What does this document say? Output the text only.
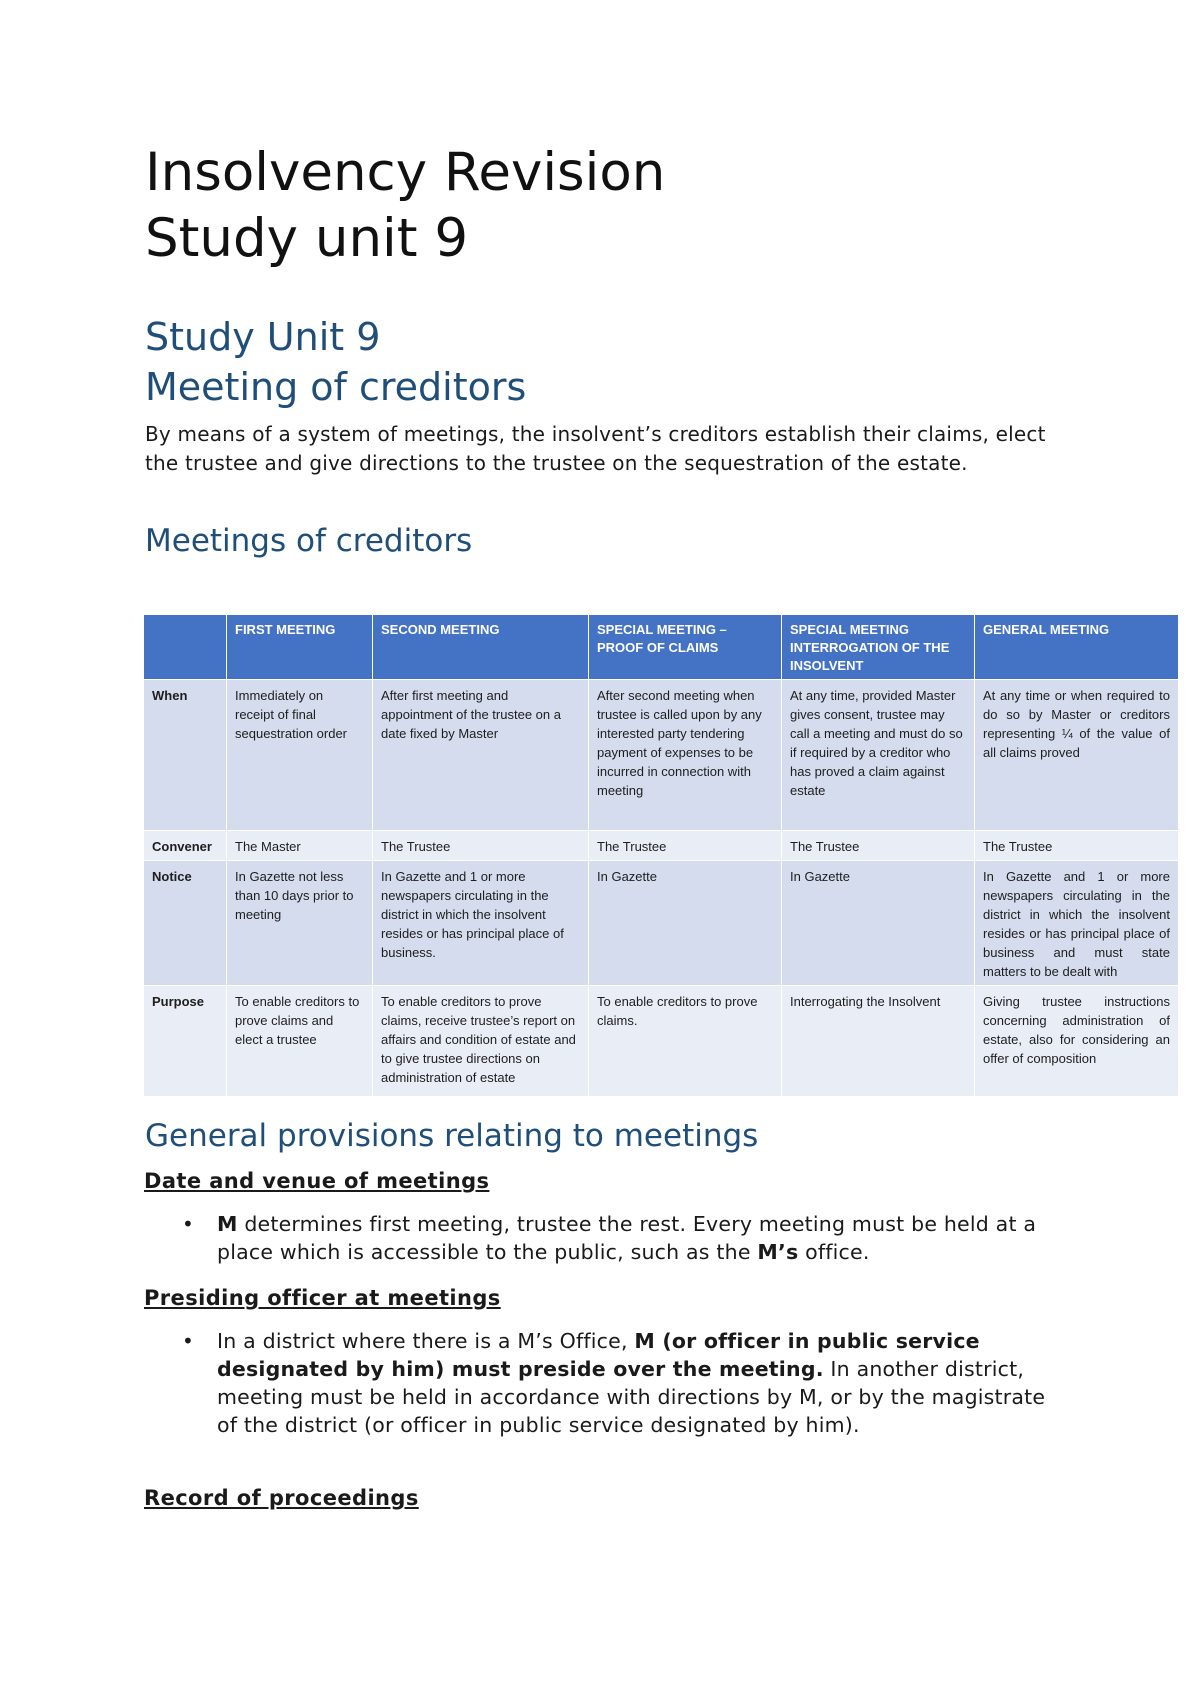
Insolvency Revision
Study unit 9
Study Unit 9
Meeting of creditors

By means of a system of meetings, the insolvent’s creditors establish their claims, elect the trustee and give directions to the trustee on the sequestration of the estate.

Meetings of creditors
	FIRST MEETING	SECOND MEETING	SPECIAL MEETING – PROOF OF CLAIMS	SPECIAL MEETING INTERROGATION OF THE INSOLVENT	GENERAL MEETING
When	Immediately on receipt of final sequestration order	After first meeting and appointment of the trustee on a date fixed by Master	After second meeting when trustee is called upon by any interested party tendering payment of expenses to be incurred in connection with meeting	At any time, provided Master gives consent, trustee may call a meeting and must do so if required by a creditor who has proved a claim against estate	At any time or when required to do so by Master or creditors representing ¼ of the value of all claims proved
Convener	The Master	The Trustee	The Trustee	The Trustee	The Trustee
Notice	In Gazette not less than 10 days prior to meeting	In Gazette and 1 or more newspapers circulating in the district in which the insolvent resides or has principal place of business.	In Gazette	In Gazette	In Gazette and 1 or more newspapers circulating in the district in which the insolvent resides or has principal place of business and must state matters to be dealt with
Purpose	To enable creditors to prove claims and elect a trustee	To enable creditors to prove claims, receive trustee’s report on affairs and condition of estate and to give trustee directions on administration of estate	To enable creditors to prove claims.	Interrogating the Insolvent	Giving trustee instructions concerning administration of estate, also for considering an offer of composition
General provisions relating to meetings
Date and venue of meetings
• M determines first meeting, trustee the rest. Every meeting must be held at a place which is accessible to the public, such as the M’s office.
Presiding officer at meetings
• In a district where there is a M’s Office, M (or officer in public service designated by him) must preside over the meeting. In another district, meeting must be held in accordance with directions by M, or by the magistrate of the district (or officer in public service designated by him).
Record of proceedings
